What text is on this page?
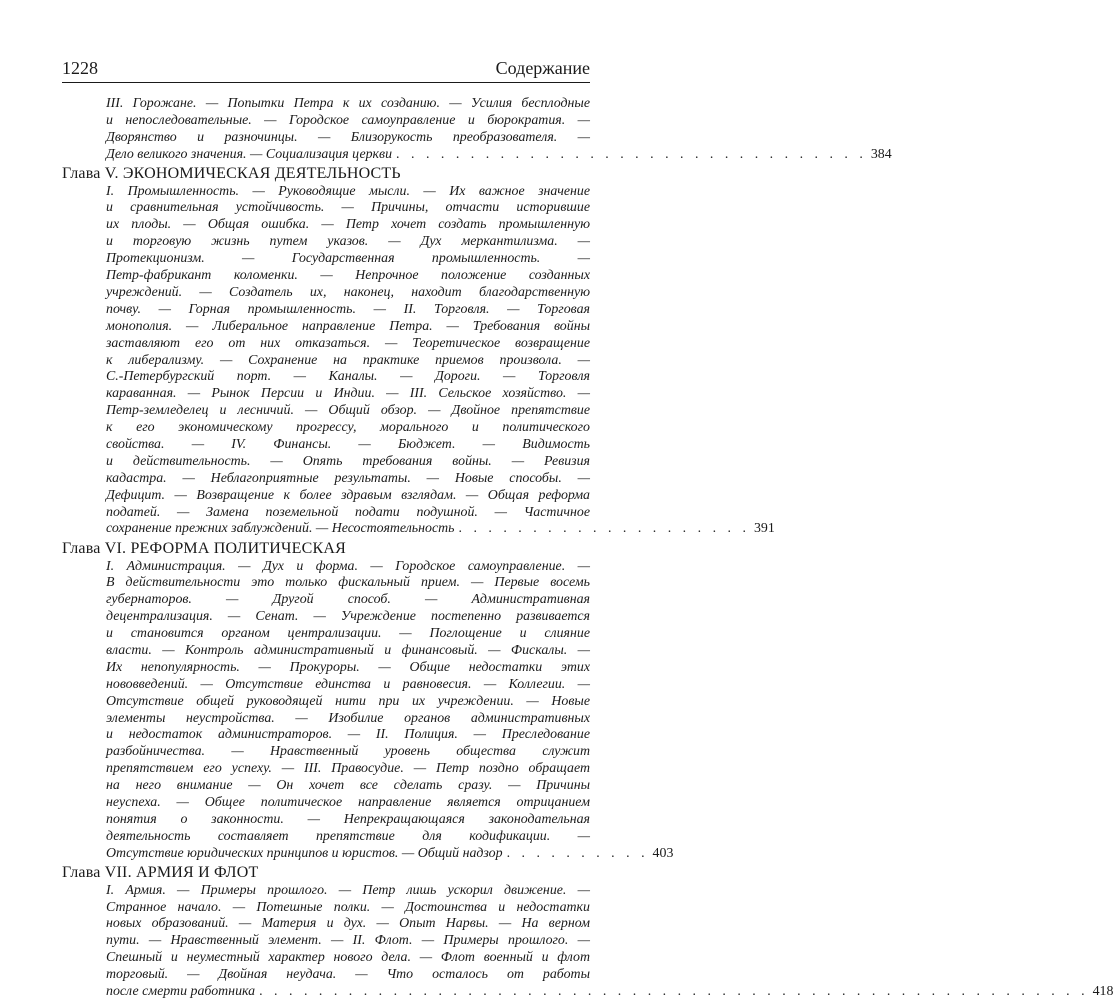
1228	Содержание
III. Горожане. — Попытки Петра к их созданию. — Усилия бесплодные
и непоследовательные. — Городское самоуправление и бюрократия. —
Дворянство и разночинцы. — Близорукость преобразователя. —
Дело великого значения. — Социализация церкви . . . . . . . . . . . . . . . . . . . . . . . . . . . . . . . . 384
Глава V. ЭКОНОМИЧЕСКАЯ ДЕЯТЕЛЬНОСТЬ
I. Промышленность. — Руководящие мысли. — Их важное значение
и сравнительная устойчивость. — Причины, отчасти исторившие
их плоды. — Общая ошибка. — Петр хочет создать промышленную
и торговую жизнь путем указов. — Дух меркантилизма. —
Протекционизм. — Государственная промышленность. —
Петр-фабрикант коломенки. — Непрочное положение созданных
учреждений. — Создатель их, наконец, находит благодарственную
почву. — Горная промышленность. — II. Торговля. — Торговая
монополия. — Либеральное направление Петра. — Требования войны
заставляют его от них отказаться. — Теоретическое возвращение
к либерализму. — Сохранение на практике приемов произвола. —
С.-Петербургский порт. — Каналы. — Дороги. — Торговля
караванная. — Рынок Персии и Индии. — III. Сельское хозяйство. —
Петр-земледелец и лесничий. — Общий обзор. — Двойное препятствие
к его экономическому прогрессу, морального и политического
свойства. — IV. Финансы. — Бюджет. — Видимость
и действительность. — Опять требования войны. — Ревизия
кадастра. — Неблагоприятные результаты. — Новые способы. —
Дефицит. — Возвращение к более здравым взглядам. — Общая реформа
податей. — Замена поземельной подати подушной. — Частичное
сохранение прежних заблуждений. — Несостоятельность . . . . . . . . . . . . . . . . . . . . 391
Глава VI. РЕФОРМА ПОЛИТИЧЕСКАЯ
I. Администрация. — Дух и форма. — Городское самоуправление. —
В действительности это только фискальный прием. — Первые восемь
губернаторов. — Другой способ. — Административная
децентрализация. — Сенат. — Учреждение постепенно развивается
и становится органом централизации. — Поглощение и слияние
власти. — Контроль административный и финансовый. — Фискалы. —
Их непопулярность. — Прокуроры. — Общие недостатки этих
нововведений. — Отсутствие единства и равновесия. — Коллегии. —
Отсутствие общей руководящей нити при их учреждении. — Новые
элементы неустройства. — Изобилие органов административных
и недостаток администраторов. — II. Полиция. — Преследование
разбойничества. — Нравственный уровень общества служит
препятствием его успеху. — III. Правосудие. — Петр поздно обращает
на него внимание — Он хочет все сделать сразу. — Причины
неуспеха. — Общее политическое направление является отрицанием
понятия о законности. — Непрекращающаяся законодательная
деятельность составляет препятствие для кодификации. —
Отсутствие юридических принципов и юристов. — Общий надзор . . . . . . . . . . 403
Глава VII. АРМИЯ И ФЛОТ
I. Армия. — Примеры прошлого. — Петр лишь ускорил движение. —
Странное начало. — Потешные полки. — Достоинства и недостатки
новых образований. — Материя и дух. — Опыт Нарвы. — На верном
пути. — Нравственный элемент. — II. Флот. — Примеры прошлого. —
Спешный и неуместный характер нового дела. — Флот военный и флот
торговый. — Двойная неудача. — Что осталось от работы
после смерти работника . . . . . . . . . . . . . . . . . . . . . . . . . . . . . . . . . . . . . . . . . . . . . . . . . . . . . . . . 418
